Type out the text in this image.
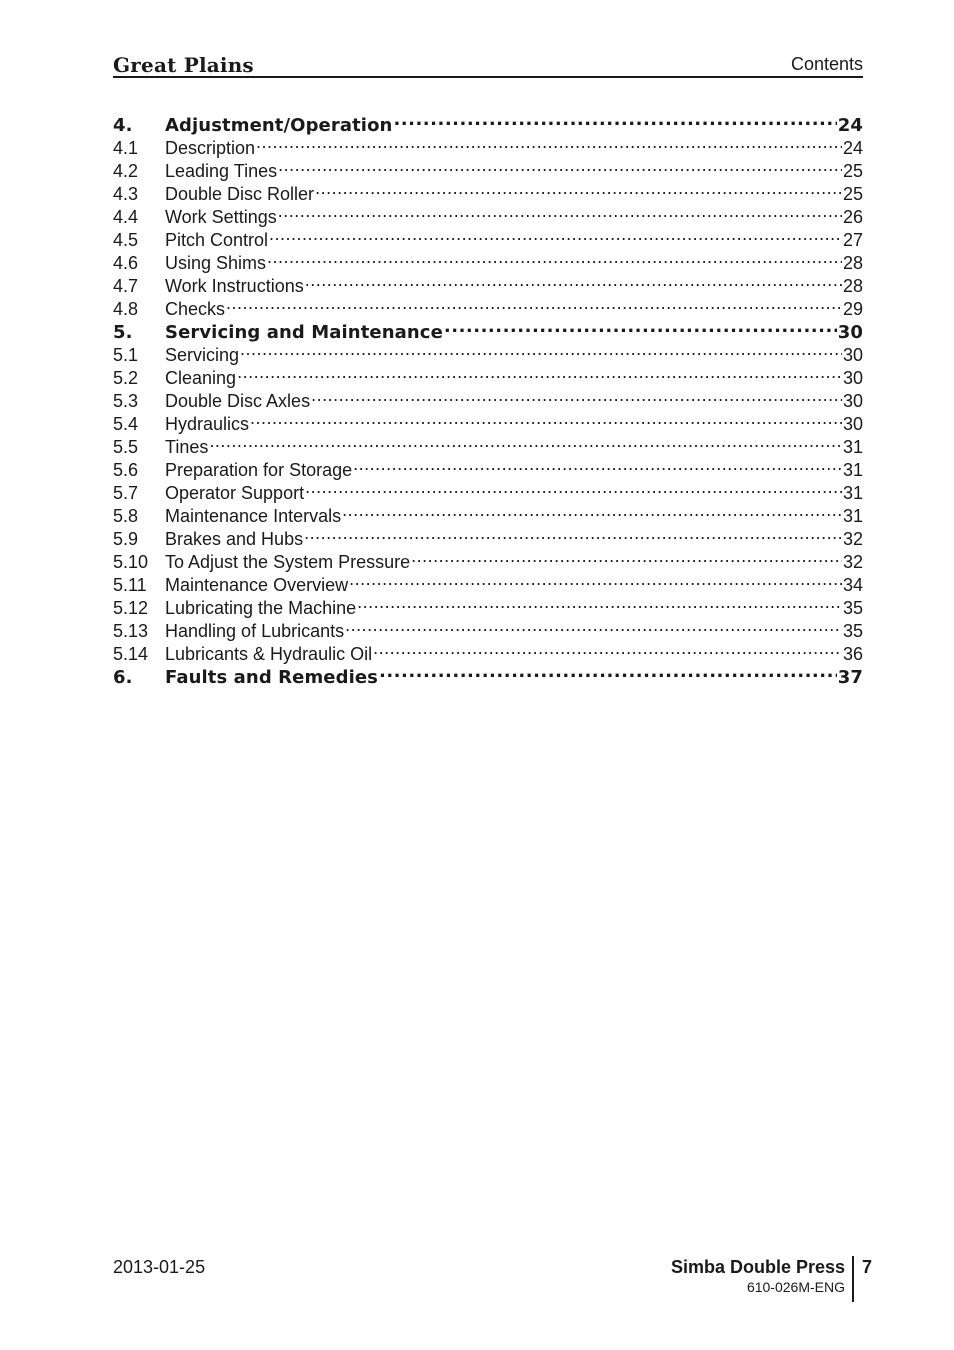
Great Plains	Contents
4.	Adjustment/Operation .....	24
4.1	Description .....	24
4.2	Leading Tines .....	25
4.3	Double Disc Roller .....	25
4.4	Work Settings .....	26
4.5	Pitch Control .....	27
4.6	Using Shims .....	28
4.7	Work Instructions .....	28
4.8	Checks .....	29
5.	Servicing and Maintenance .....	30
5.1	Servicing .....	30
5.2	Cleaning .....	30
5.3	Double Disc Axles .....	30
5.4	Hydraulics .....	30
5.5	Tines .....	31
5.6	Preparation for Storage .....	31
5.7	Operator Support .....	31
5.8	Maintenance Intervals .....	31
5.9	Brakes and Hubs .....	32
5.10 To Adjust the System Pressure .....	32
5.11	Maintenance Overview .....	34
5.12 Lubricating the Machine .....	35
5.13 Handling of Lubricants .....	35
5.14 Lubricants & Hydraulic Oil .....	36
6.	Faults and Remedies .....	37
2013-01-25	Simba Double Press
610-026M-ENG
7
